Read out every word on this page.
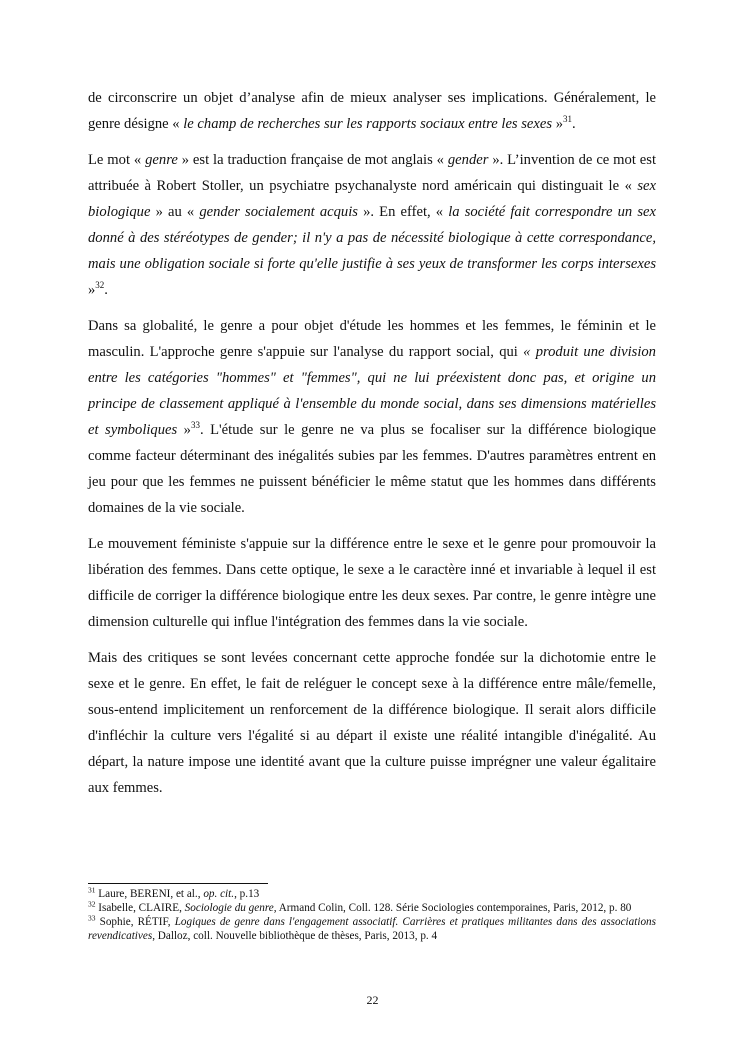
de circonscrire un objet d’analyse afin de mieux analyser ses implications. Généralement, le genre désigne « le champ de recherches sur les rapports sociaux entre les sexes »$^{31}$.

Le mot « genre » est la traduction française de mot anglais « gender ». L’invention de ce mot est attribuée à Robert Stoller, un psychiatre psychanalyste nord américain qui distinguait le « sex biologique » au « gender socialement acquis ». En effet, « la société fait correspondre un sex donné à des stéréotypes de gender; il n'y a pas de nécessité biologique à cette correspondance, mais une obligation sociale si forte qu'elle justifie à ses yeux de transformer les corps intersexes »$^{32}$.

Dans sa globalité, le genre a pour objet d'étude les hommes et les femmes, le féminin et le masculin. L'approche genre s'appuie sur l'analyse du rapport social, qui « produit une division entre les catégories "hommes" et "femmes", qui ne lui préexistent donc pas, et origine un principe de classement appliqué à l'ensemble du monde social, dans ses dimensions matérielles et symboliques »$^{33}$. L'étude sur le genre ne va plus se focaliser sur la différence biologique comme facteur déterminant des inégalités subies par les femmes. D'autres paramètres entrent en jeu pour que les femmes ne puissent bénéficier le même statut que les hommes dans différents domaines de la vie sociale.

Le mouvement féministe s'appuie sur la différence entre le sexe et le genre pour promouvoir la libération des femmes. Dans cette optique, le sexe a le caractère inné et invariable à lequel il est difficile de corriger la différence biologique entre les deux sexes. Par contre, le genre intègre une dimension culturelle qui influe l'intégration des femmes dans la vie sociale.

Mais des critiques se sont levées concernant cette approche fondée sur la dichotomie entre le sexe et le genre. En effet, le fait de reléguer le concept sexe à la différence entre mâle/femelle, sous-entend implicitement un renforcement de la différence biologique. Il serait alors difficile d'infléchir la culture vers l'égalité si au départ il existe une réalité intangible d'inégalité. Au départ, la nature impose une identité avant que la culture puisse imprégner une valeur égalitaire aux femmes.

$^{31}$ Laure, BERENI, et al., op. cit., p.13

$^{32}$ Isabelle, CLAIRE, Sociologie du genre, Armand Colin, Coll. 128. Série Sociologies contemporaines, Paris, 2012, p. 80

$^{33}$ Sophie, RÉTIF, Logiques de genre dans l'engagement associatif. Carrières et pratiques militantes dans des associations revendicatives, Dalloz, coll. Nouvelle bibliothèque de thèses, Paris, 2013, p. 4

22
